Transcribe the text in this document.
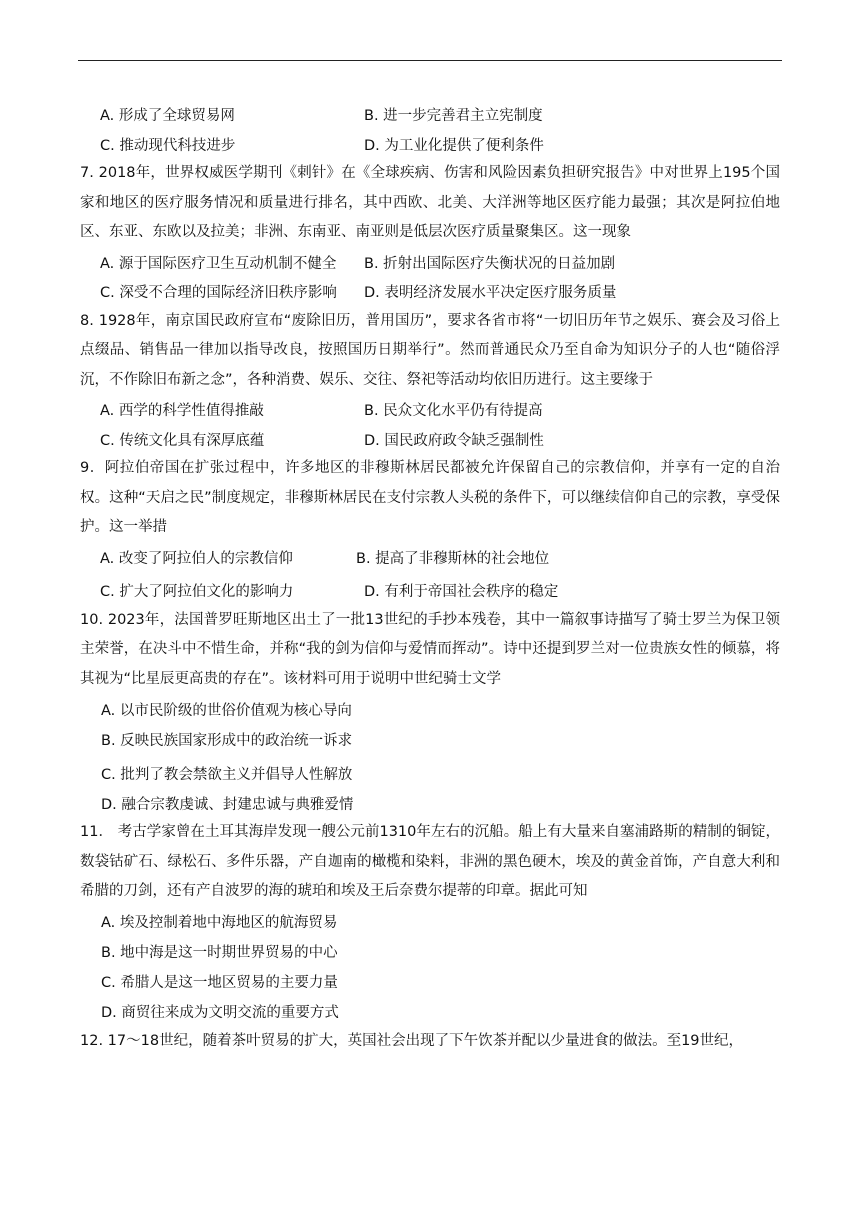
A. 形成了全球贸易网	B. 进一步完善君主立宪制度
C. 推动现代科技进步	D. 为工业化提供了便利条件

7. 2018年，世界权威医学期刊《剌针》在《全球疾病、伤害和风险因素负担研究报告》中对世界上195个国家和地区的医疗服务情况和质量进行排名，其中西欧、北美、大洋洲等地区医疗能力最强；其次是阿拉伯地区、东亚、东欧以及拉美；非洲、东南亚、南亚则是低层次医疗质量聚集区。这一现象

A. 源于国际医疗卫生互动机制不健全	B. 折射出国际医疗失衡状况的日益加剧
C. 深受不合理的国际经济旧秩序影响	D. 表明经济发展水平决定医疗服务质量

8. 1928年，南京国民政府宣布“废除旧历，普用国历”，要求各省市将“一切旧历年节之娱乐、赛会及习俗上点缀品、销售品一律加以指导改良，按照国历日期举行”。然而普通民众乃至自命为知识分子的人也“随俗浮沉，不作除旧布新之念”，各种消费、娱乐、交往、祭祀等活动均依旧历进行。这主要缘于

A. 西学的科学性值得推敲	B. 民众文化水平仍有待提高
C. 传统文化具有深厚底蕴	D. 国民政府政令缺乏强制性

9．阿拉伯帝国在扩张过程中，许多地区的非穆斯林居民都被允许保留自己的宗教信仰，并享有一定的自治权。这种“天启之民”制度规定，非穆斯林居民在支付宗教人头税的条件下，可以继续信仰自己的宗教，享受保护。这一举措

A. 改变了阿拉伯人的宗教信仰	B. 提高了非穆斯林的社会地位
C. 扩大了阿拉伯文化的影响力	D. 有利于帝国社会秩序的稳定

10. 2023年，法国普罗旺斯地区出土了一批13世纪的手抄本残卷，其中一篇叙事诗描写了骑士罗兰为保卫领主荣誉，在决斗中不惜生命，并称“我的剑为信仰与爱情而挥动”。诗中还提到罗兰对一位贵族女性的倾慕，将其视为“比星辰更高贵的存在”。该材料可用于说明中世纪骑士文学

A. 以市民阶级的世俗价值观为核心导向
B. 反映民族国家形成中的政治统一诉求
C. 批判了教会禁欲主义并倡导人性解放
D. 融合宗教虔诚、封建忠诚与典雅爱情

11． 考古学家曾在土耳其海岸发现一艘公元前1310年左右的沉船。船上有大量来自塞浦路斯的精制的铜锭，数袋钴矿石、绿松石、多件乐器，产自迦南的橄榄和染料，非洲的黑色硬木，埃及的黄金首饰，产自意大利和希腊的刀剑，还有产自波罗的海的琥珀和埃及王后奈费尔提蒂的印章。据此可知

A. 埃及控制着地中海地区的航海贸易
B. 地中海是这一时期世界贸易的中心
C. 希腊人是这一地区贸易的主要力量
D. 商贸往来成为文明交流的重要方式

12. 17～18世纪，随着茶叶贸易的扩大，英国社会出现了下午饮茶并配以少量进食的做法。至19世纪，
